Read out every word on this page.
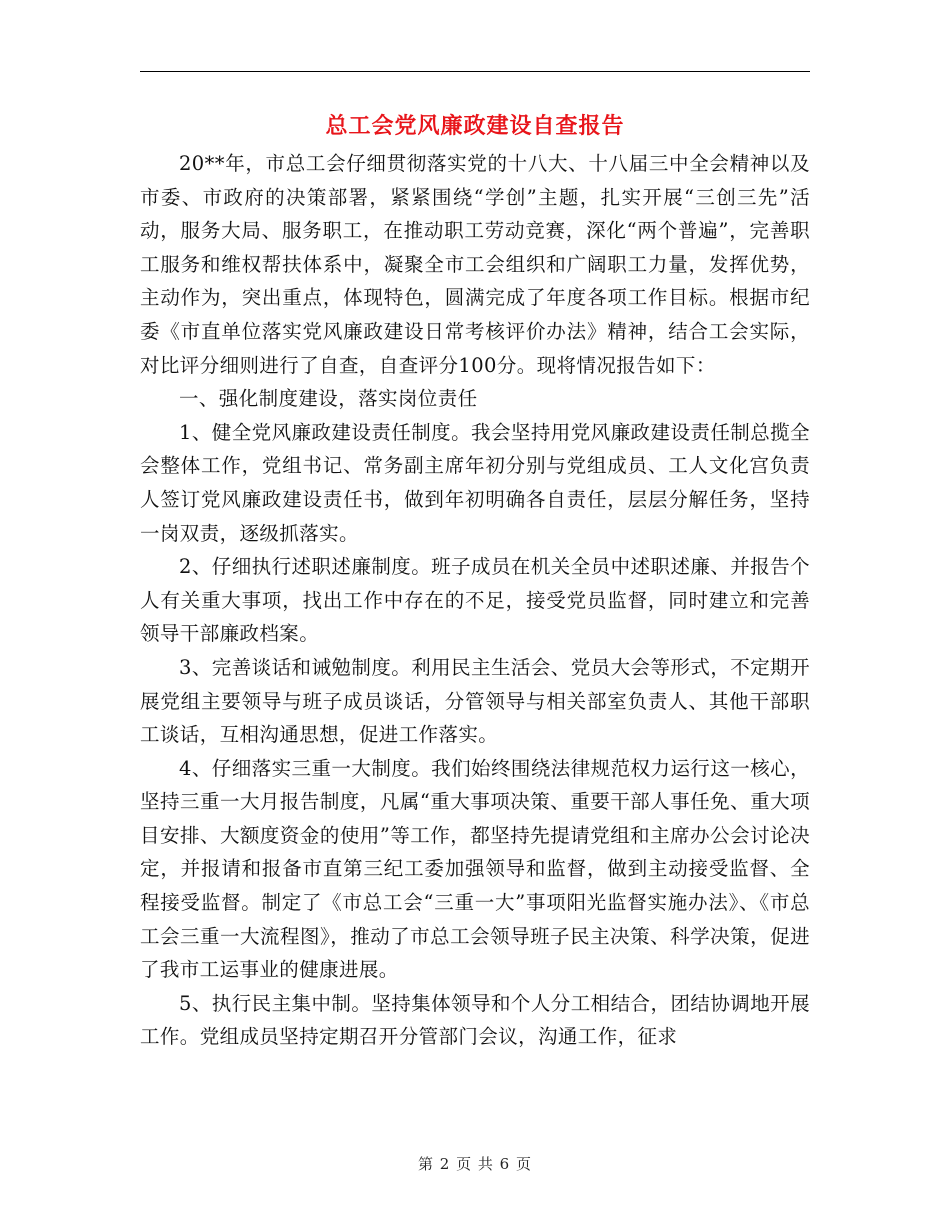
总工会党风廉政建设自查报告

20**年，市总工会仔细贯彻落实党的十八大、十八届三中全会精神以及市委、市政府的决策部署，紧紧围绕“学创”主题，扎实开展“三创三先”活动，服务大局、服务职工，在推动职工劳动竞赛，深化“两个普遍”，完善职工服务和维权帮扶体系中，凝聚全市工会组织和广阔职工力量，发挥优势，主动作为，突出重点，体现特色，圆满完成了年度各项工作目标。根据市纪委《市直单位落实党风廉政建设日常考核评价办法》精神，结合工会实际，对比评分细则进行了自查，自查评分100分。现将情况报告如下：

一、强化制度建设，落实岗位责任

1、健全党风廉政建设责任制度。我会坚持用党风廉政建设责任制总揽全会整体工作，党组书记、常务副主席年初分别与党组成员、工人文化宫负责人签订党风廉政建设责任书，做到年初明确各自责任，层层分解任务，坚持一岗双责，逐级抓落实。

2、仔细执行述职述廉制度。班子成员在机关全员中述职述廉、并报告个人有关重大事项，找出工作中存在的不足，接受党员监督，同时建立和完善领导干部廉政档案。

3、完善谈话和诫勉制度。利用民主生活会、党员大会等形式，不定期开展党组主要领导与班子成员谈话，分管领导与相关部室负责人、其他干部职工谈话，互相沟通思想，促进工作落实。

4、仔细落实三重一大制度。我们始终围绕法律规范权力运行这一核心，坚持三重一大月报告制度，凡属“重大事项决策、重要干部人事任免、重大项目安排、大额度资金的使用”等工作，都坚持先提请党组和主席办公会讨论决定，并报请和报备市直第三纪工委加强领导和监督，做到主动接受监督、全程接受监督。制定了《市总工会“三重一大”事项阳光监督实施办法》、《市总工会三重一大流程图》，推动了市总工会领导班子民主决策、科学决策，促进了我市工运事业的健康进展。

5、执行民主集中制。坚持集体领导和个人分工相结合，团结协调地开展工作。党组成员坚持定期召开分管部门会议，沟通工作，征求

第 2 页 共 6 页
